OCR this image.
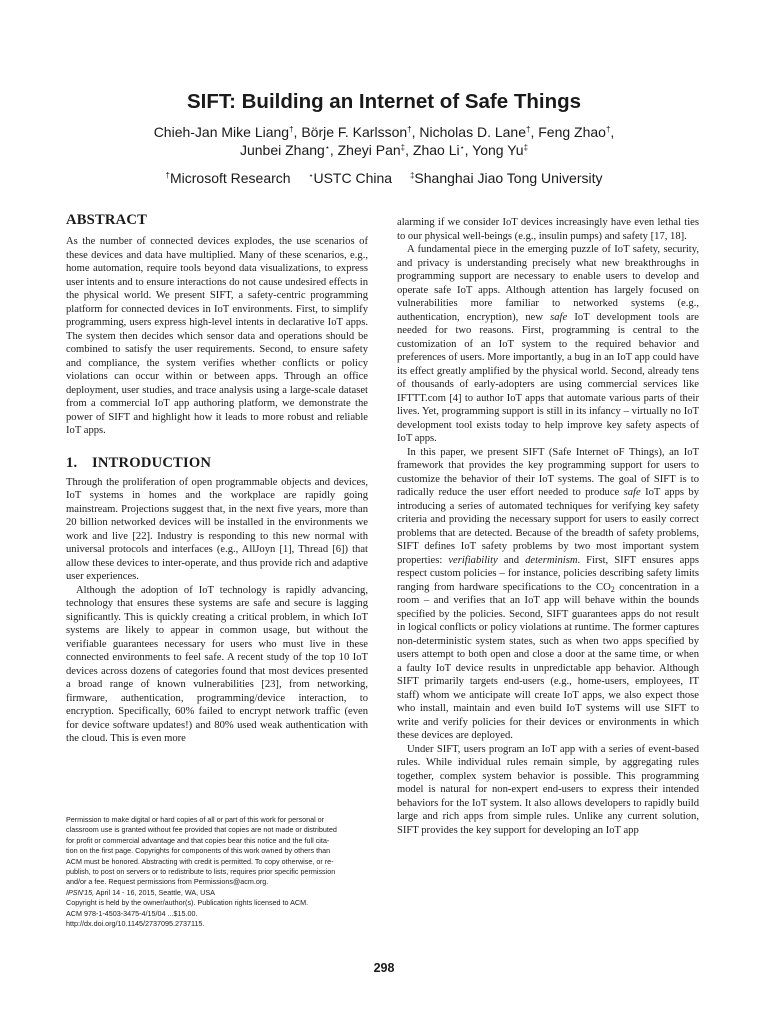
SIFT: Building an Internet of Safe Things
Chieh-Jan Mike Liang†, Börje F. Karlsson†, Nicholas D. Lane†, Feng Zhao†,
Junbei Zhang⋆, Zheyi Pan‡, Zhao Li⋆, Yong Yu‡
†Microsoft Research ⋆USTC China ‡Shanghai Jiao Tong University
ABSTRACT

As the number of connected devices explodes, the use scenarios of these devices and data have multiplied. Many of these scenarios, e.g., home automation, require tools beyond data visualizations, to express user intents and to ensure interactions do not cause undesired effects in the physical world. We present SIFT, a safety-centric programming platform for connected devices in IoT environments. First, to simplify programming, users express high-level intents in declarative IoT apps. The system then decides which sensor data and operations should be combined to satisfy the user requirements. Second, to ensure safety and compliance, the system verifies whether conflicts or policy violations can occur within or between apps. Through an office deployment, user studies, and trace analysis using a large-scale dataset from a commercial IoT app authoring platform, we demonstrate the power of SIFT and highlight how it leads to more robust and reliable IoT apps.

1. INTRODUCTION

Through the proliferation of open programmable objects and devices, IoT systems in homes and the workplace are rapidly going mainstream. Projections suggest that, in the next five years, more than 20 billion networked devices will be installed in the environments we work and live [22]. Industry is responding to this new normal with universal protocols and interfaces (e.g., AllJoyn [1], Thread [6]) that allow these devices to inter-operate, and thus provide rich and adaptive user experiences.

Although the adoption of IoT technology is rapidly advancing, technology that ensures these systems are safe and secure is lagging significantly. This is quickly creating a critical problem, in which IoT systems are likely to appear in common usage, but without the verifiable guarantees necessary for users who must live in these connected environments to feel safe. A recent study of the top 10 IoT devices across dozens of categories found that most devices presented a broad range of known vulnerabilities [23], from networking, firmware, authentication, programming/device interaction, to encryption. Specifically, 60% failed to encrypt network traffic (even for device software updates!) and 80% used weak authentication with the cloud. This is even more

alarming if we consider IoT devices increasingly have even lethal ties to our physical well-beings (e.g., insulin pumps) and safety [17, 18].

A fundamental piece in the emerging puzzle of IoT safety, security, and privacy is understanding precisely what new breakthroughs in programming support are necessary to enable users to develop and operate safe IoT apps. Although attention has largely focused on vulnerabilities more familiar to networked systems (e.g., authentication, encryption), new safe IoT development tools are needed for two reasons. First, programming is central to the customization of an IoT system to the required behavior and preferences of users. More importantly, a bug in an IoT app could have its effect greatly amplified by the physical world. Second, already tens of thousands of early-adopters are using commercial services like IFTTT.com [4] to author IoT apps that automate various parts of their lives. Yet, programming support is still in its infancy – virtually no IoT development tool exists today to help improve key safety aspects of IoT apps.

In this paper, we present SIFT (Safe Internet oF Things), an IoT framework that provides the key programming support for users to customize the behavior of their IoT systems. The goal of SIFT is to radically reduce the user effort needed to produce safe IoT apps by introducing a series of automated techniques for verifying key safety criteria and providing the necessary support for users to easily correct problems that are detected. Because of the breadth of safety problems, SIFT defines IoT safety problems by two most important system properties: verifiability and determinism. First, SIFT ensures apps respect custom policies – for instance, policies describing safety limits ranging from hardware specifications to the $CO_2$ concentration in a room – and verifies that an IoT app will behave within the bounds specified by the policies. Second, SIFT guarantees apps do not result in logical conflicts or policy violations at runtime. The former captures non-deterministic system states, such as when two apps specified by users attempt to both open and close a door at the same time, or when a faulty IoT device results in unpredictable app behavior. Although SIFT primarily targets end-users (e.g., home-users, employees, IT staff) whom we anticipate will create IoT apps, we also expect those who install, maintain and even build IoT systems will use SIFT to write and verify policies for their devices or environments in which these devices are deployed.

Under SIFT, users program an IoT app with a series of event-based rules. While individual rules remain simple, by aggregating rules together, complex system behavior is possible. This programming model is natural for non-expert end-users to express their intended behaviors for the IoT system. It also allows developers to rapidly build large and rich apps from simple rules. Unlike any current solution, SIFT provides the key support for developing an IoT app

Permission to make digital or hard copies of all or part of this work for personal or
classroom use is granted without fee provided that copies are not made or distributed
for profit or commercial advantage and that copies bear this notice and the full cita-
tion on the first page. Copyrights for components of this work owned by others than
ACM must be honored. Abstracting with credit is permitted. To copy otherwise, or re-
publish, to post on servers or to redistribute to lists, requires prior specific permission
and/or a fee. Request permissions from Permissions@acm.org.
IPSN'15, April 14 - 16, 2015, Seattle, WA, USA
Copyright is held by the owner/author(s). Publication rights licensed to ACM.
ACM 978-1-4503-3475-4/15/04 ...$15.00.
http://dx.doi.org/10.1145/2737095.2737115.
298
